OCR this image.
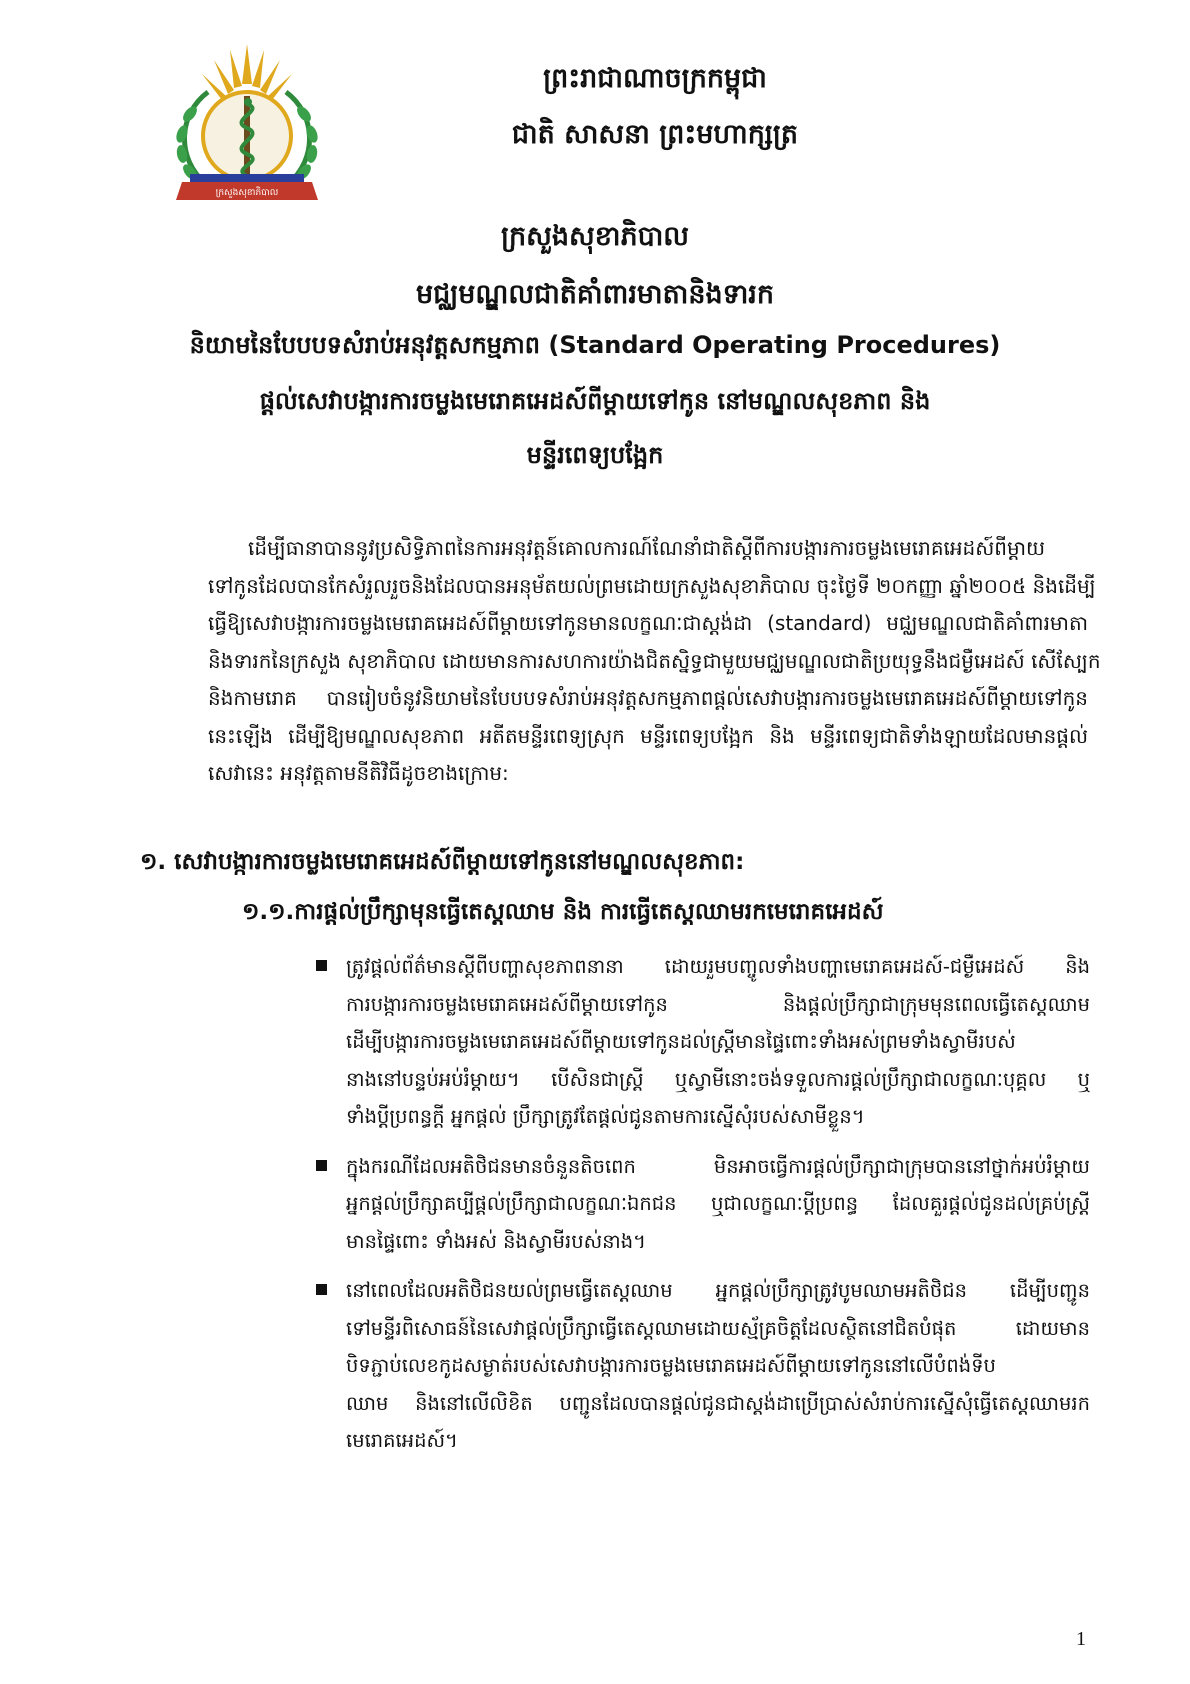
ក្រសួងសុខាភិបាល
ព្រះរាជាណាចក្រកម្ពុជា
ជាតិ សាសនា ព្រះមហាក្សត្រ
ក្រសួងសុខាភិបាល
មជ្ឈមណ្ឌលជាតិគាំពារមាតានិងទារក
និយាមនៃបែបបទសំរាប់អនុវត្តសកម្មភាព (Standard Operating Procedures)
ផ្តល់សេវាបង្ការការចម្លងមេរោគអេដស៍ពីម្តាយទៅកូន នៅមណ្ឌលសុខភាព និង
មន្ទីរពេទ្យបង្អែក
ដើម្បីធានាបាននូវប្រសិទ្ធិភាពនៃការអនុវត្តន៍គោលការណ៍ណែនាំជាតិស្តីពីការបង្ការការចម្លងមេរោគអេដស៍ពីម្តាយ
ទៅកូនដែលបានកែសំរួលរួចនិងដែលបានអនុម័តយល់ព្រមដោយក្រសួងសុខាភិបាល ចុះថ្ងៃទី ២០កញ្ញា ឆ្នាំ២០០៥ និងដើម្បី
ធ្វើឱ្យសេវាបង្ការការចម្លងមេរោគអេដស៍ពីម្តាយទៅកូនមានលក្ខណៈជាស្តង់ដា (standard) មជ្ឈមណ្ឌលជាតិគាំពារមាតា
និងទារកនៃក្រសួង សុខាភិបាល ដោយមានការសហការយ៉ាងជិតស្និទ្ធជាមួយមជ្ឈមណ្ឌលជាតិប្រយុទ្ធនឹងជម្ងឺអេដស៍ សើស្បែក
និងកាមរោគ បានរៀបចំនូវនិយាមនៃបែបបទសំរាប់អនុវត្តសកម្មភាពផ្តល់សេវាបង្ការការចម្លងមេរោគអេដស៍ពីម្តាយទៅកូន
នេះឡើង ដើម្បីឱ្យមណ្ឌលសុខភាព អតីតមន្ទីរពេទ្យស្រុក មន្ទីរពេទ្យបង្អែក និង មន្ទីរពេទ្យជាតិទាំងឡាយដែលមានផ្តល់
សេវានេះ អនុវត្តតាមនីតិវិធីដូចខាងក្រោម:
១. សេវាបង្ការការចម្លងមេរោគអេដស៍ពីម្តាយទៅកូននៅមណ្ឌលសុខភាព:
១.១.ការផ្តល់ប្រឹក្សាមុនធ្វើតេស្តឈាម និង ការធ្វើតេស្តឈាមរកមេរោគអេដស៍
ត្រូវផ្តល់ព័ត៌មានស្តីពីបញ្ហាសុខភាពនានា ដោយរួមបញ្ចូលទាំងបញ្ហាមេរោគអេដស៍-ជម្ងឺអេដស៍ និង
ការបង្ការការចម្លងមេរោគអេដស៍ពីម្តាយទៅកូន និងផ្តល់ប្រឹក្សាជាក្រុមមុនពេលធ្វើតេស្តឈាម
ដើម្បីបង្ការការចម្លងមេរោគអេដស៍ពីម្តាយទៅកូនដល់ស្ត្រីមានផ្ទៃពោះទាំងអស់ព្រមទាំងស្វាមីរបស់
នាងនៅបន្ទប់អប់រំម្តាយ។ បើសិនជាស្ត្រី ឬស្វាមីនោះចង់ទទួលការផ្តល់ប្រឹក្សាជាលក្ខណៈបុគ្គល ឬ
ទាំងប្តីប្រពន្ធក្តី អ្នកផ្តល់ ប្រឹក្សាត្រូវតែផ្តល់ជូនតាមការស្នើសុំរបស់សាមីខ្លួន។
ក្នុងករណីដែលអតិថិជនមានចំនួនតិចពេក មិនអាចធ្វើការផ្តល់ប្រឹក្សាជាក្រុមបាននៅថ្នាក់អប់រំម្តាយ
អ្នកផ្តល់ប្រឹក្សាគប្បីផ្តល់ប្រឹក្សាជាលក្ខណៈឯកជន ឬជាលក្ខណៈប្តីប្រពន្ធ ដែលគួរផ្តល់ជូនដល់គ្រប់ស្ត្រី
មានផ្ទៃពោះ ទាំងអស់ និងស្វាមីរបស់នាង។
នៅពេលដែលអតិថិជនយល់ព្រមធ្វើតេស្តឈាម អ្នកផ្តល់ប្រឹក្សាត្រូវបូមឈាមអតិថិជន ដើម្បីបញ្ជូន
ទៅមន្ទីរពិសោធន៍នៃសេវាផ្តល់ប្រឹក្សាធ្វើតេស្តឈាមដោយស្ម័គ្រចិត្តដែលស្ថិតនៅជិតបំផុត ដោយមាន
បិទភ្ជាប់លេខកូដសម្ងាត់របស់សេវាបង្ការការចម្លងមេរោគអេដស៍ពីម្តាយទៅកូននៅលើបំពង់ទីប
ឈាម និងនៅលើលិខិត បញ្ជូនដែលបានផ្តល់ជូនជាស្តង់ដាប្រើប្រាស់សំរាប់ការស្នើសុំធ្វើតេស្តឈាមរក
មេរោគអេដស៍។
1
